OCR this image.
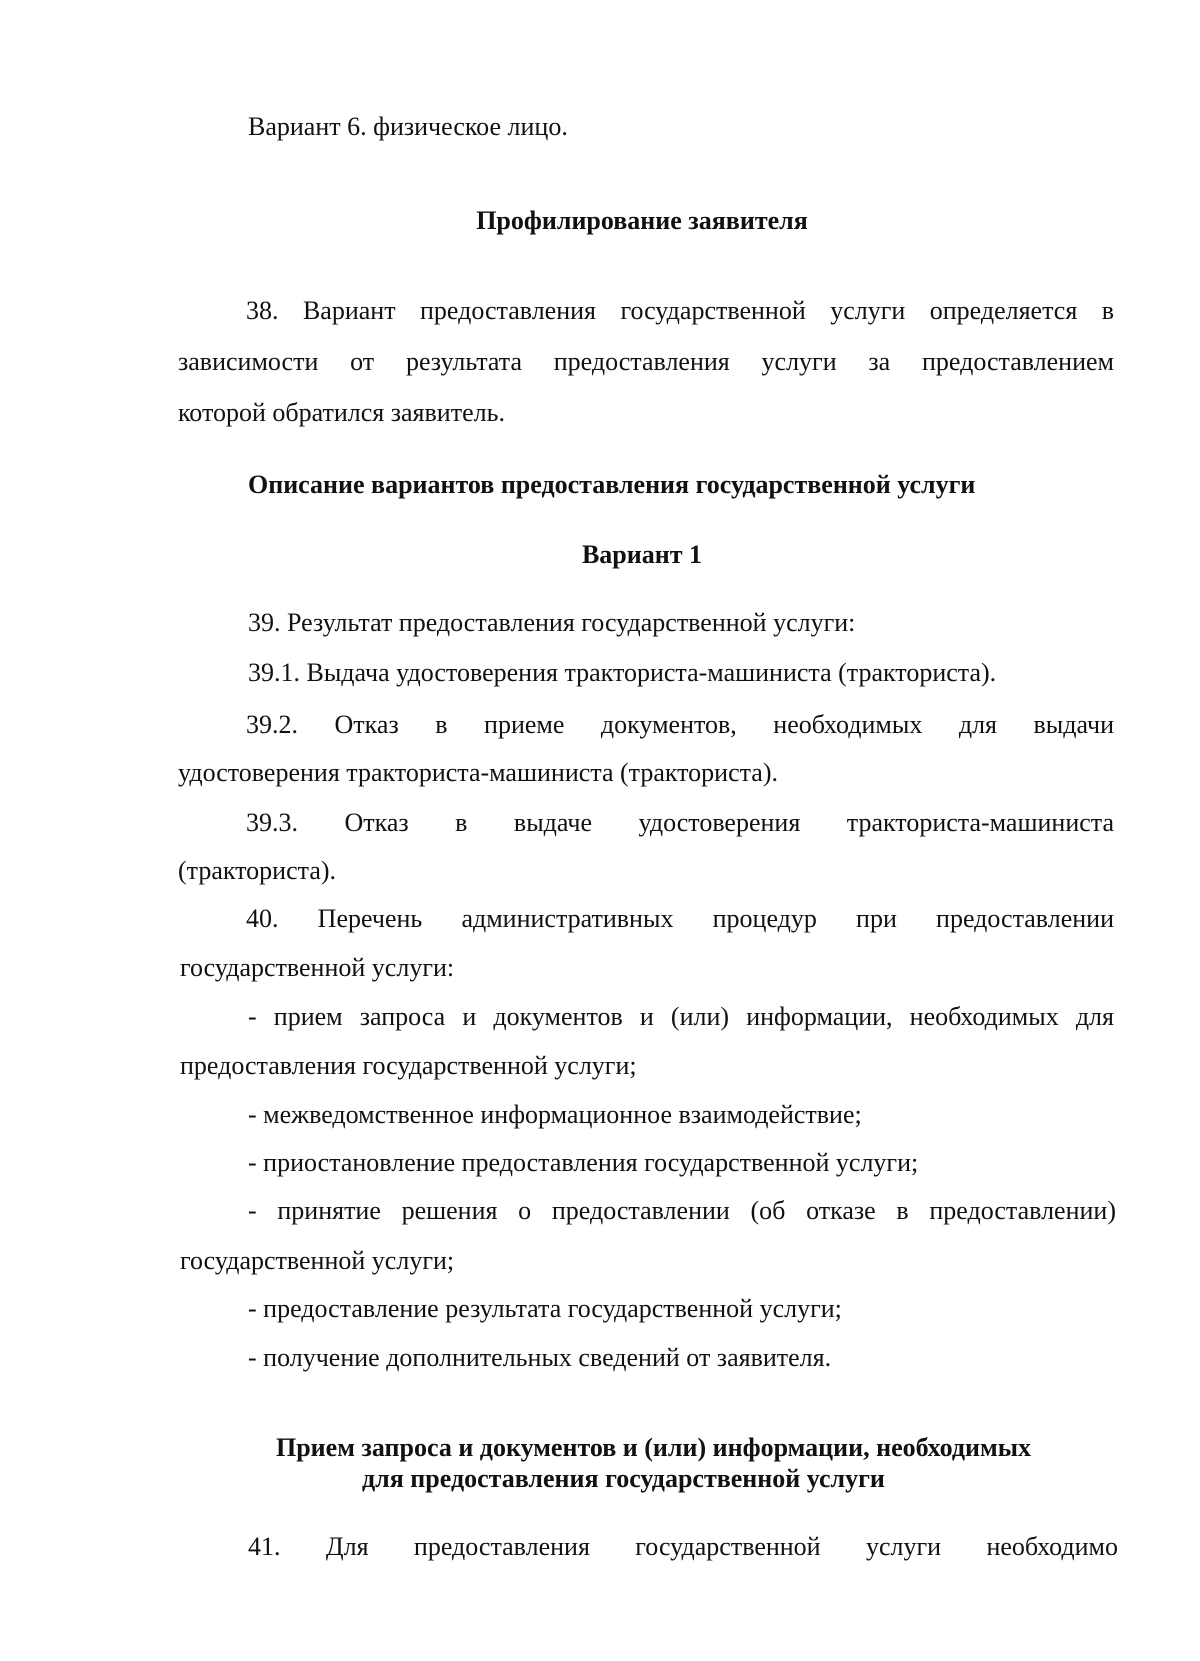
Вариант 6. физическое лицо.
Профилирование заявителя
38. Вариант предоставления государственной услуги определяется в
зависимости от результата предоставления услуги за предоставлением
которой обратился заявитель.
Описание вариантов предоставления государственной услуги
Вариант 1
39. Результат предоставления государственной услуги:
39.1. Выдача удостоверения тракториста-машиниста (тракториста).
39.2. Отказ в приеме документов, необходимых для выдачи
удостоверения тракториста-машиниста (тракториста).
39.3. Отказ в выдаче удостоверения тракториста-машиниста
(тракториста).
40. Перечень административных процедур при предоставлении
государственной услуги:
- прием запроса и документов и (или) информации, необходимых для
предоставления государственной услуги;
- межведомственное информационное взаимодействие;
- приостановление предоставления государственной услуги;
- принятие решения о предоставлении (об отказе в предоставлении)
государственной услуги;
- предоставление результата государственной услуги;
- получение дополнительных сведений от заявителя.
Прием запроса и документов и (или) информации, необходимых
для предоставления государственной услуги
41. Для предоставления государственной услуги необходимо
